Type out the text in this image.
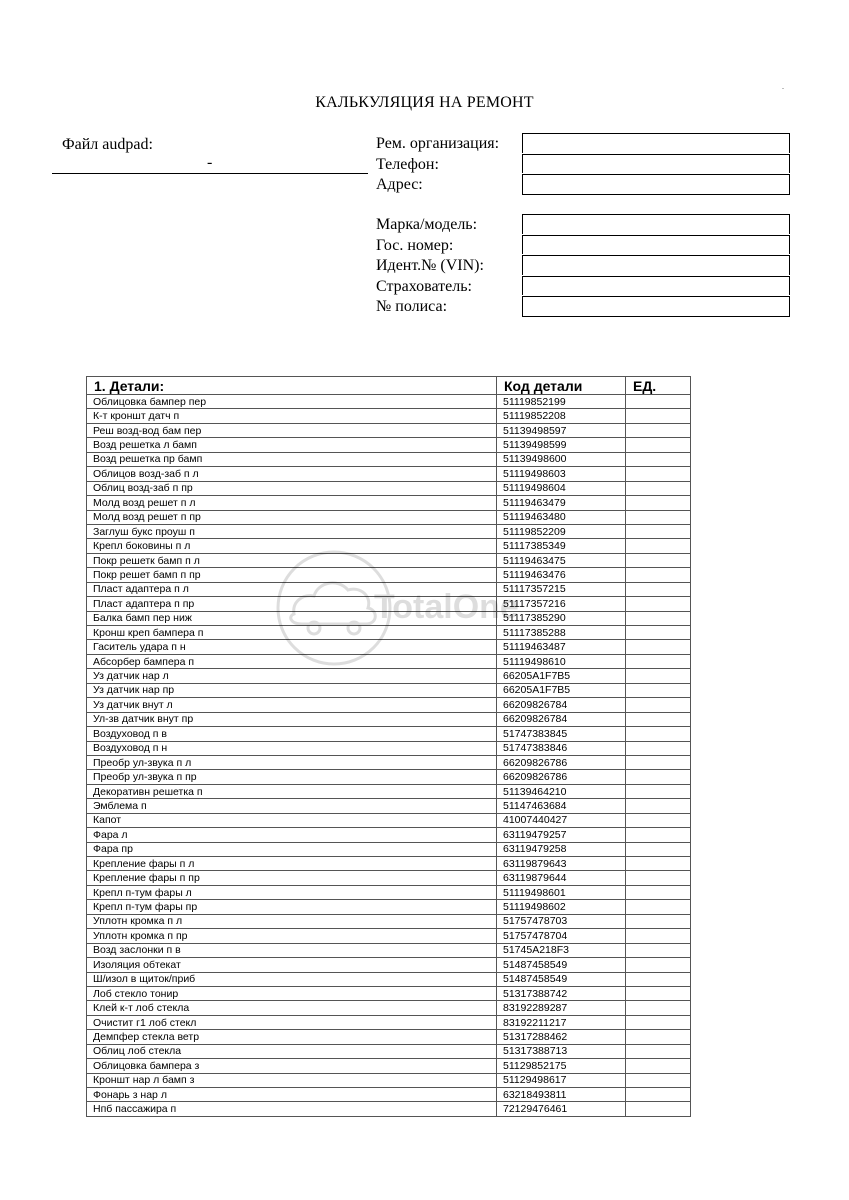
КАЛЬКУЛЯЦИЯ НА РЕМОНТ
.
Файл audpad:
-
Рем. организация:
Телефон:
Адрес:
Марка/модель:
Гос. номер:
Идент.№ (VIN):
Страхователь:
№ полиса:
1. Детали:	Код детали	ЕД.
Облицовка бампер пер	51119852199	
К-т кроншт датч п	51119852208	
Реш возд-вод бам пер	51139498597	
Возд решетка л бамп	51139498599	
Возд решетка пр бамп	51139498600	
Облицов возд-заб п л	51119498603	
Облиц возд-заб п пр	51119498604	
Молд возд решет п л	51119463479	
Молд возд решет п пр	51119463480	
Заглуш букс проуш п	51119852209	
Крепл боковины п л	51117385349	
Покр решетк бамп п л	51119463475	
Покр решет бамп п пр	51119463476	
Пласт адаптера п л	51117357215	
Пласт адаптера п пр	51117357216	
Балка бамп пер ниж	51117385290	
Кронш креп бампера п	51117385288	
Гаситель удара п н	51119463487	
Абсорбер бампера п	51119498610	
Уз датчик нар л	66205A1F7B5	
Уз датчик нар пр	66205A1F7B5	
Уз датчик внут л	66209826784	
Ул-зв датчик внут пр	66209826784	
Воздуховод п в	51747383845	
Воздуховод п н	51747383846	
Преобр ул-звука п л	66209826786	
Преобр ул-звука п пр	66209826786	
Декоративн решетка п	51139464210	
Эмблема п	51147463684	
Капот	41007440427	
Фара л	63119479257	
Фара пр	63119479258	
Крепление фары п л	63119879643	
Крепление фары п пр	63119879644	
Крепл п-тум фары л	51119498601	
Крепл п-тум фары пр	51119498602	
Уплотн кромка п л	51757478703	
Уплотн кромка п пр	51757478704	
Возд заслонки п в	51745A218F3	
Изоляция обтекат	51487458549	
Ш/изол в щиток/приб	51487458549	
Лоб стекло тонир	51317388742	
Клей к-т лоб стекла	83192289287	
Очистит г1 лоб стекл	83192211217	
Демпфер стекла ветр	51317288462	
Облиц лоб стекла	51317388713	
Облицовка бампера з	51129852175	
Кроншт нар л бамп з	51129498617	
Фонарь з нар л	63218493811	
Нпб пассажира п	72129476461	
TotalOne
